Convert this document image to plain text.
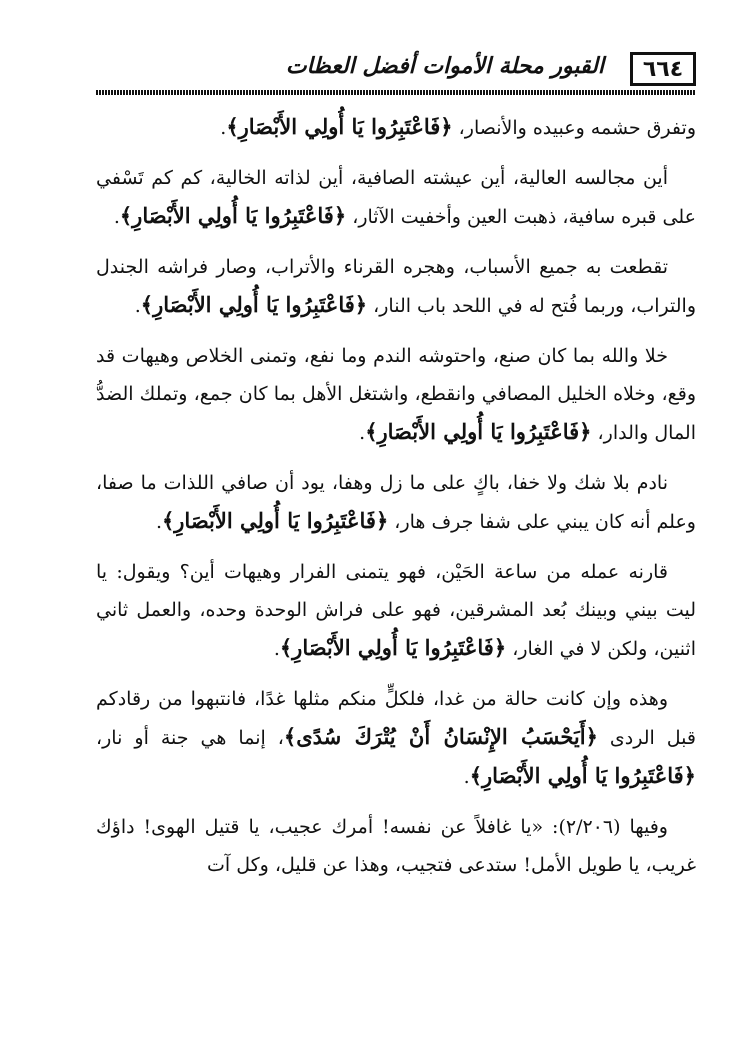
٦٦٤
القبور محلة الأموات أفضل العظات

وتفرق حشمه وعبيده والأنصار، ﴿فَاعْتَبِرُوا يَا أُولِي الأَبْصَارِ﴾.

أين مجالسه العالية، أين عيشته الصافية، أين لذاته الخالية، كم كم تَسْفي على قبره سافية، ذهبت العين وأخفيت الآثار، ﴿فَاعْتَبِرُوا يَا أُولِي الأَبْصَارِ﴾.

تقطعت به جميع الأسباب، وهجره القرناء والأتراب، وصار فراشه الجندل والتراب، وربما فُتح له في اللحد باب النار، ﴿فَاعْتَبِرُوا يَا أُولِي الأَبْصَارِ﴾.

خلا والله بما كان صنع، واحتوشه الندم وما نفع، وتمنى الخلاص وهيهات قد وقع، وخلاه الخليل المصافي وانقطع، واشتغل الأهل بما كان جمع، وتملك الضدُّ المال والدار، ﴿فَاعْتَبِرُوا يَا أُولِي الأَبْصَارِ﴾.

نادم بلا شك ولا خفا، باكٍ على ما زل وهفا، يود أن صافي اللذات ما صفا، وعلم أنه كان يبني على شفا جرف هار، ﴿فَاعْتَبِرُوا يَا أُولِي الأَبْصَارِ﴾.

قارنه عمله من ساعة الحَيْن، فهو يتمنى الفرار وهيهات أين؟ ويقول: يا ليت بيني وبينك بُعد المشرقين، فهو على فراش الوحدة وحده، والعمل ثاني اثنين، ولكن لا في الغار، ﴿فَاعْتَبِرُوا يَا أُولِي الأَبْصَارِ﴾.

وهذه وإن كانت حالة من غدا، فلكلٍّ منكم مثلها غدًا، فانتبهوا من رقادكم قبل الردى ﴿أَيَحْسَبُ الإِنْسَانُ أَنْ يُتْرَكَ سُدًى﴾، إنما هي جنة أو نار، ﴿فَاعْتَبِرُوا يَا أُولِي الأَبْصَارِ﴾.

وفيها (٢/٢٠٦): «يا غافلاً عن نفسه! أمرك عجيب، يا قتيل الهوى! داؤك غريب، يا طويل الأمل! ستدعى فتجيب، وهذا عن قليل، وكل آت
